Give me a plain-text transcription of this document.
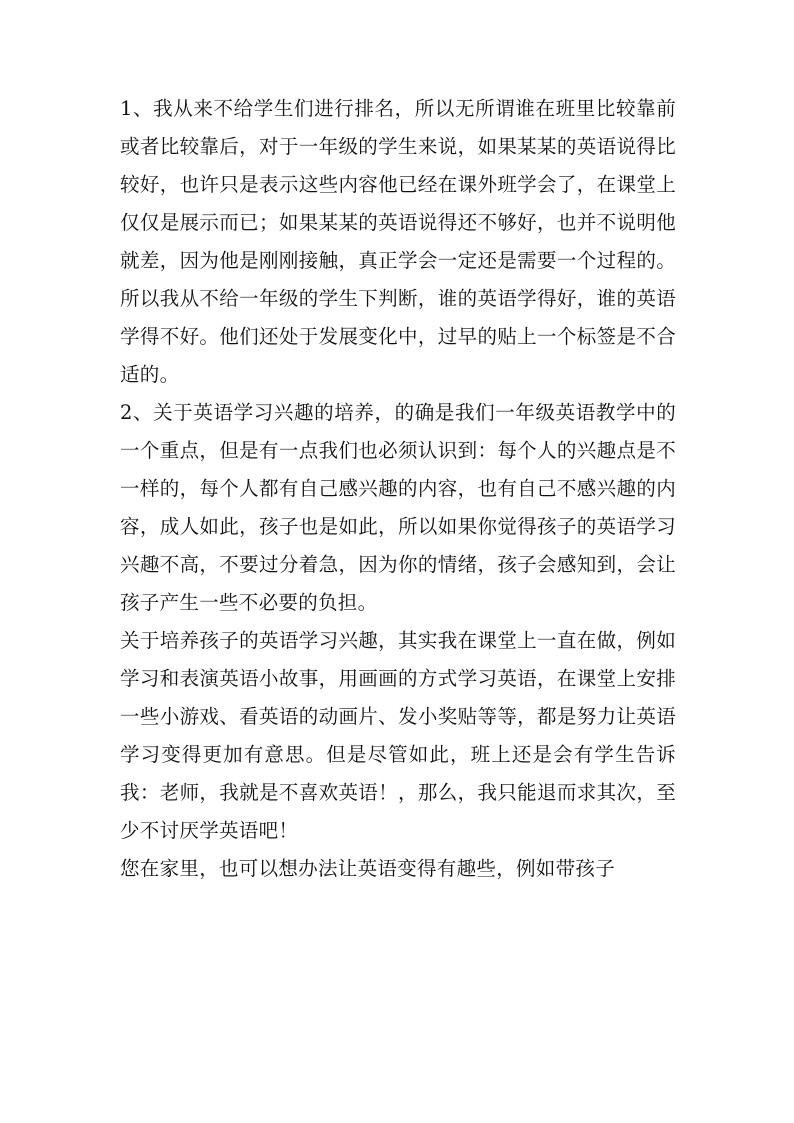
1、我从来不给学生们进行排名，所以无所谓谁在班里比较靠前或者比较靠后，对于一年级的学生来说，如果某某的英语说得比较好，也许只是表示这些内容他已经在课外班学会了，在课堂上仅仅是展示而已；如果某某的英语说得还不够好，也并不说明他就差，因为他是刚刚接触，真正学会一定还是需要一个过程的。所以我从不给一年级的学生下判断，谁的英语学得好，谁的英语学得不好。他们还处于发展变化中，过早的贴上一个标签是不合适的。

2、关于英语学习兴趣的培养，的确是我们一年级英语教学中的一个重点，但是有一点我们也必须认识到：每个人的兴趣点是不一样的，每个人都有自己感兴趣的内容，也有自己不感兴趣的内容，成人如此，孩子也是如此，所以如果你觉得孩子的英语学习兴趣不高，不要过分着急，因为你的情绪，孩子会感知到，会让孩子产生一些不必要的负担。

关于培养孩子的英语学习兴趣，其实我在课堂上一直在做，例如学习和表演英语小故事，用画画的方式学习英语，在课堂上安排一些小游戏、看英语的动画片、发小奖贴等等，都是努力让英语学习变得更加有意思。但是尽管如此，班上还是会有学生告诉我：老师，我就是不喜欢英语！，那么，我只能退而求其次，至少不讨厌学英语吧！

您在家里，也可以想办法让英语变得有趣些，例如带孩子
